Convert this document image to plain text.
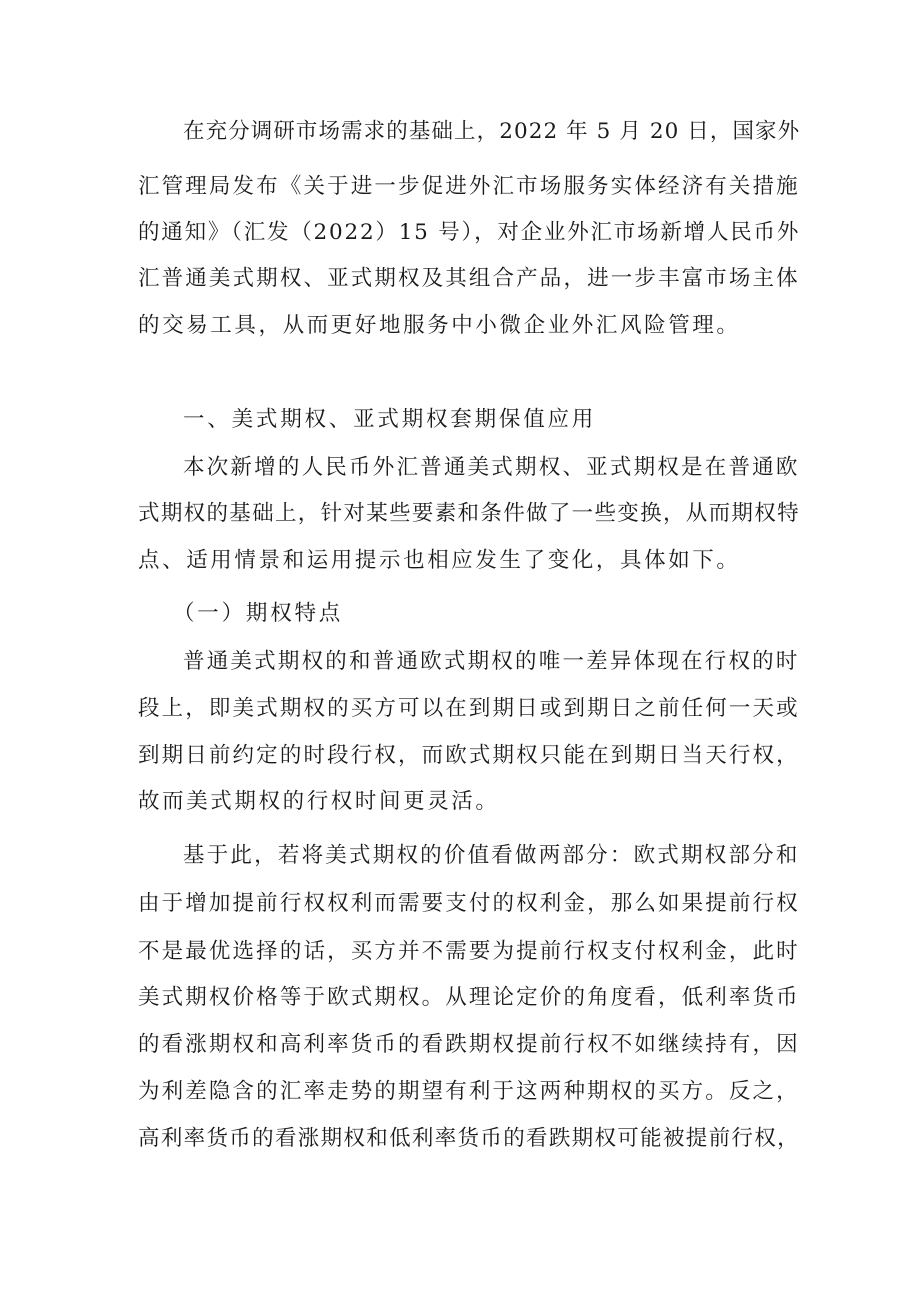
在充分调研市场需求的基础上，2022 年 5 月 20 日，国家外

汇管理局发布《关于进一步促进外汇市场服务实体经济有关措施

的通知》（汇发（2022）15 号），对企业外汇市场新增人民币外

汇普通美式期权、亚式期权及其组合产品，进一步丰富市场主体

的交易工具，从而更好地服务中小微企业外汇风险管理。

一、美式期权、亚式期权套期保值应用

本次新增的人民币外汇普通美式期权、亚式期权是在普通欧

式期权的基础上，针对某些要素和条件做了一些变换，从而期权特

点、适用情景和运用提示也相应发生了变化，具体如下。

（一）期权特点

普通美式期权的和普通欧式期权的唯一差异体现在行权的时

段上，即美式期权的买方可以在到期日或到期日之前任何一天或

到期日前约定的时段行权，而欧式期权只能在到期日当天行权，

故而美式期权的行权时间更灵活。

基于此，若将美式期权的价值看做两部分：欧式期权部分和

由于增加提前行权权利而需要支付的权利金，那么如果提前行权

不是最优选择的话，买方并不需要为提前行权支付权利金，此时

美式期权价格等于欧式期权。从理论定价的角度看，低利率货币

的看涨期权和高利率货币的看跌期权提前行权不如继续持有，因

为利差隐含的汇率走势的期望有利于这两种期权的买方。反之，

高利率货币的看涨期权和低利率货币的看跌期权可能被提前行权，
